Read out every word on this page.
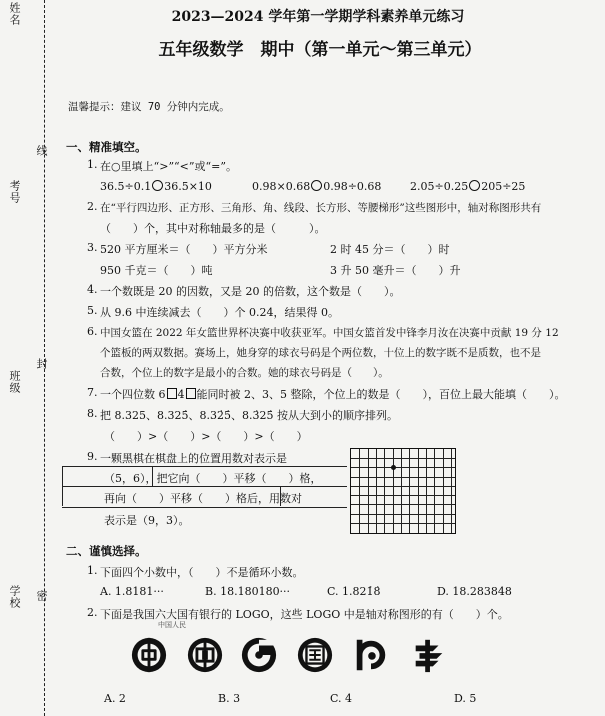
姓名
考号
班级
学校
线
封
密
2023—2024 学年第一学期学科素养单元练习
五年级数学　期中（第一单元～第三单元）
温馨提示：建议 70 分钟内完成。
一、精准填空。
1. 在○里填上“>”“<”或“=”。
36.5÷0.1 36.5×10	0.98×0.68 0.98÷0.68	2.05÷0.25 205÷25
2. 在“平行四边形、正方形、三角形、角、线段、长方形、等腰梯形”这些图形中，轴对称图形共有
（　　）个，其中对称轴最多的是（　　　）。
3. 520 平方厘米＝（　　）平方分米	2 时 45 分＝（　　）时
950 千克＝（　　）吨	3 升 50 毫升＝（　　）升
4. 一个数既是 20 的因数，又是 20 的倍数，这个数是（　　）。
5. 从 9.6 中连续减去（　　）个 0.24，结果得 0。
6. 中国女篮在 2022 年女篮世界杯决赛中收获亚军。中国女篮首发中锋李月汝在决赛中贡献 19 分 12
个篮板的两双数据。赛场上，她身穿的球衣号码是个两位数，十位上的数字既不是质数，也不是
合数，个位上的数字是最小的合数。她的球衣号码是（　　）。
7. 一个四位数 6 4 能同时被 2、3、5 整除，个位上的数是（　　），百位上最大能填（　　）。
8. 把 8.325、8.325̇、8.32̇5̇、8.3̇25̇ 按从大到小的顺序排列。
（　　）>（　　）>（　　）>（　　）
9. 一颗黑棋在棋盘上的位置用数对表示是
（5，6），把它向（　　）平移（　　）格，
再向（　　）平移（　　）格后，用数对
表示是（9，3）。
二、谨慎选择。
1. 下面四个小数中，（　　）不是循环小数。
A. 1.8181···	B. 18.180180···	C. 1.821̇8̇	D. 18.283848
2. 下面是我国六大国有银行的 LOGO，这些 LOGO 中是轴对称图形的有（　　）个。
中国人民
A. 2	B. 3	C. 4	D. 5
